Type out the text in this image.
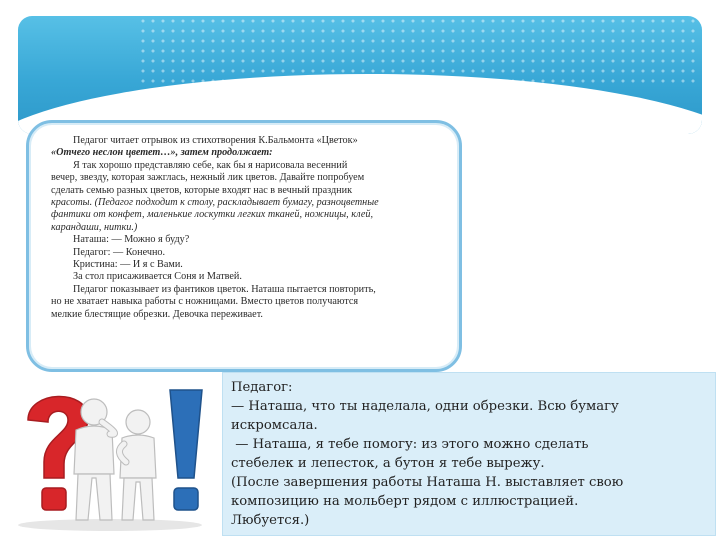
Педагог читает отрывок из стихотворения К.Бальмонта «Цветок»

«Отчего неслон цветет…», затем продолжает:

Я так хорошо представляю себе, как бы я нарисовала весенний

вечер, звезду, которая зажглась, нежный лик цветов. Давайте попробуем

сделать семью разных цветов, которые входят нас в вечный праздник

красоты. (Педагог подходит к столу, раскладывает бумагу, разноцветные

фантики от конфет, маленькие лоскутки легких тканей, ножницы, клей,

карандаши, нитки.)

Наташа: — Можно я буду?

Педагог: — Конечно.

Кристина: — И я с Вами.

За стол присаживается Соня и Матвей.

Педагог показывает из фантиков цветок. Наташа пытается повторить,

но не хватает навыка работы с ножницами. Вместо цветов получаются

мелкие блестящие обрезки. Девочка переживает.

Педагог:

— Наташа, что ты наделала, одни обрезки. Всю бумагу

искромсала.

— Наташа, я тебе помогу: из этого можно сделать

стебелек и лепесток, а бутон я тебе вырежу.

(После завершения работы Наташа Н. выставляет свою

композицию на мольберт рядом с иллюстрацией.

Любуется.)
